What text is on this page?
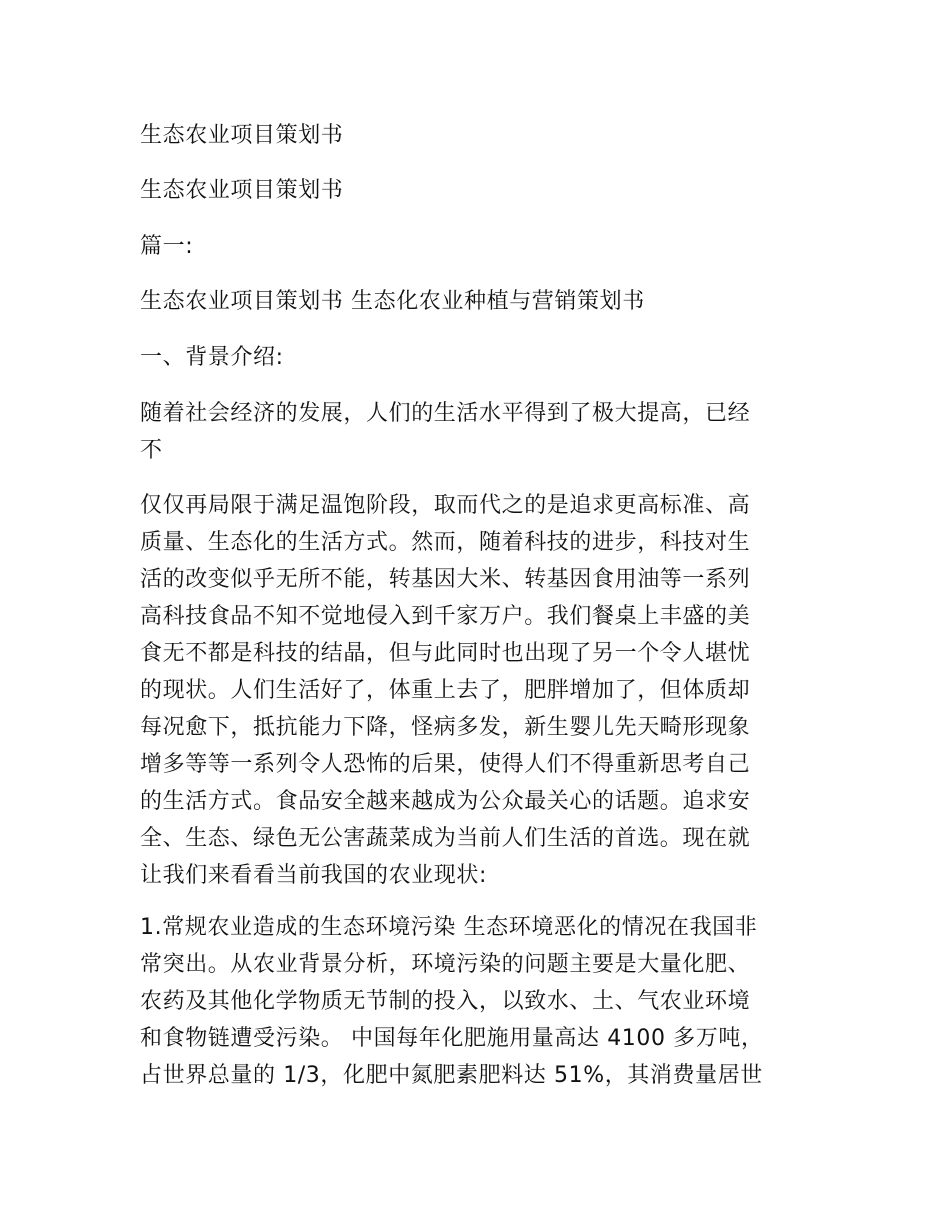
生态农业项目策划书
生态农业项目策划书
篇一:
生态农业项目策划书 生态化农业种植与营销策划书
一、背景介绍:
随着社会经济的发展，人们的生活水平得到了极大提高，已经
不
仅仅再局限于满足温饱阶段，取而代之的是追求更高标准、高
质量、生态化的生活方式。然而，随着科技的进步，科技对生
活的改变似乎无所不能，转基因大米、转基因食用油等一系列
高科技食品不知不觉地侵入到千家万户。我们餐桌上丰盛的美
食无不都是科技的结晶，但与此同时也出现了另一个令人堪忧
的现状。人们生活好了，体重上去了，肥胖增加了，但体质却
每况愈下，抵抗能力下降，怪病多发，新生婴儿先天畸形现象
增多等等一系列令人恐怖的后果，使得人们不得重新思考自己
的生活方式。食品安全越来越成为公众最关心的话题。追求安
全、生态、绿色无公害蔬菜成为当前人们生活的首选。现在就
让我们来看看当前我国的农业现状:
1.常规农业造成的生态环境污染 生态环境恶化的情况在我国非
常突出。从农业背景分析，环境污染的问题主要是大量化肥、
农药及其他化学物质无节制的投入，以致水、土、气农业环境
和食物链遭受污染。 中国每年化肥施用量高达 4100 多万吨，
占世界总量的 1/3，化肥中氮肥素肥料达 51%，其消费量居世
